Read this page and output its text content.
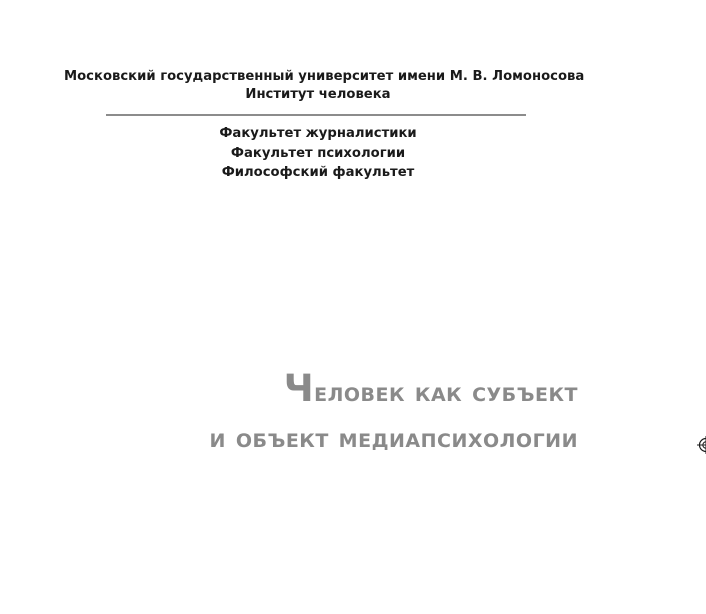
Московский государственный университет имени М. В. Ломоносова
Институт человека
Факультет журналистики
Факультет психологии
Философский факультет
Человек как субъект
и объект медиапсихологии
